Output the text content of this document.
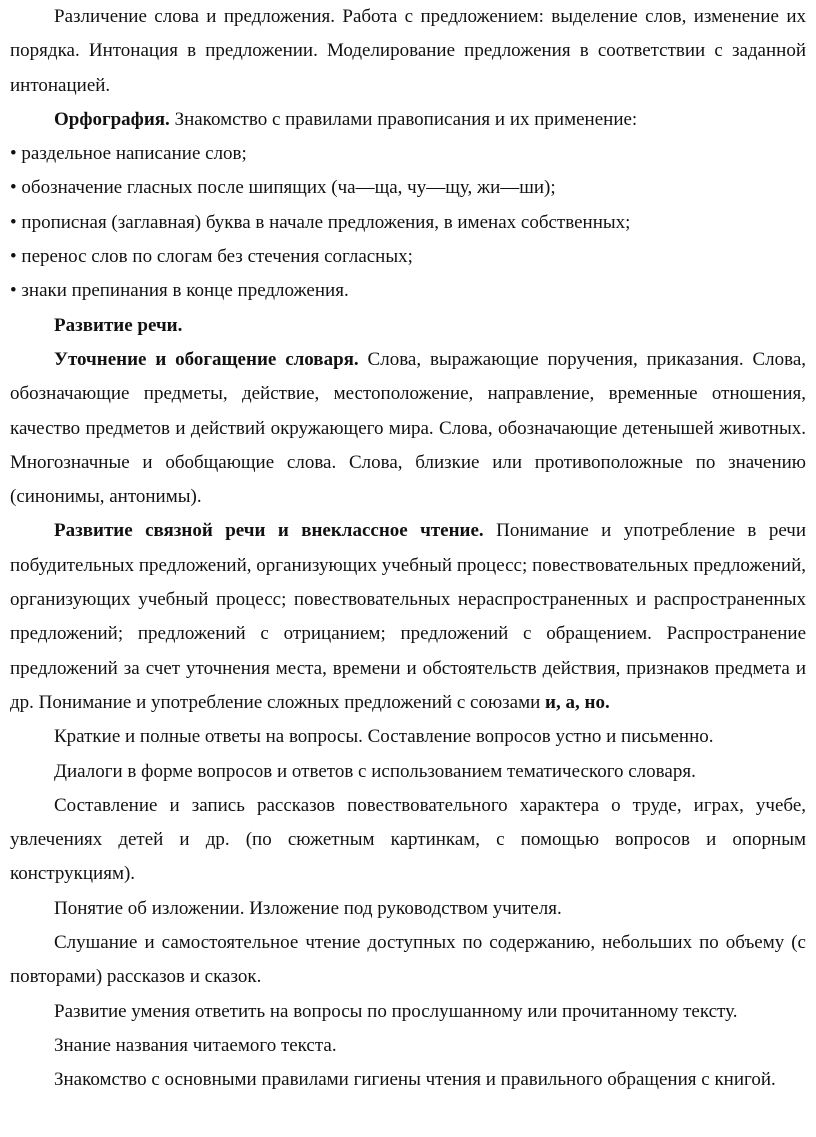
Различение слова и предложения. Работа с предложением: выделение слов, изменение их порядка. Интонация в предложении. Моделирование предложения в соответствии с заданной интонацией.

Орфография. Знакомство с правилами правописания и их применение:

• раздельное написание слов;

• обозначение гласных после шипящих (ча—ща, чу—щу, жи—ши);

• прописная (заглавная) буква в начале предложения, в именах собственных;

• перенос слов по слогам без стечения согласных;

• знаки препинания в конце предложения.

Развитие речи.

Уточнение и обогащение словаря. Слова, выражающие поручения, приказания. Слова, обозначающие предметы, действие, местоположение, направление, временные отношения, качество предметов и действий окружающего мира. Слова, обозначающие детенышей животных. Многозначные и обобщающие слова. Слова, близкие или противоположные по значению (синонимы, антонимы).

Развитие связной речи и внеклассное чтение. Понимание и употребление в речи побудительных предложений, организующих учебный процесс; повествовательных предложений, организующих учебный процесс; повествовательных нераспространенных и распространенных предложений; предложений с отрицанием; предложений с обращением. Распространение предложений за счет уточнения места, времени и обстоятельств действия, признаков предмета и др. Понимание и употребление сложных предложений с союзами и, а, но.

Краткие и полные ответы на вопросы. Составление вопросов устно и письменно.

Диалоги в форме вопросов и ответов с использованием тематического словаря.

Составление и запись рассказов повествовательного характера о труде, играх, учебе, увлечениях детей и др. (по сюжетным картинкам, с помощью вопросов и опорным конструкциям).

Понятие об изложении. Изложение под руководством учителя.

Слушание и самостоятельное чтение доступных по содержанию, небольших по объему (с повторами) рассказов и сказок.

Развитие умения ответить на вопросы по прослушанному или прочитанному тексту.

Знание названия читаемого текста.

Знакомство с основными правилами гигиены чтения и правильного обращения с книгой.
